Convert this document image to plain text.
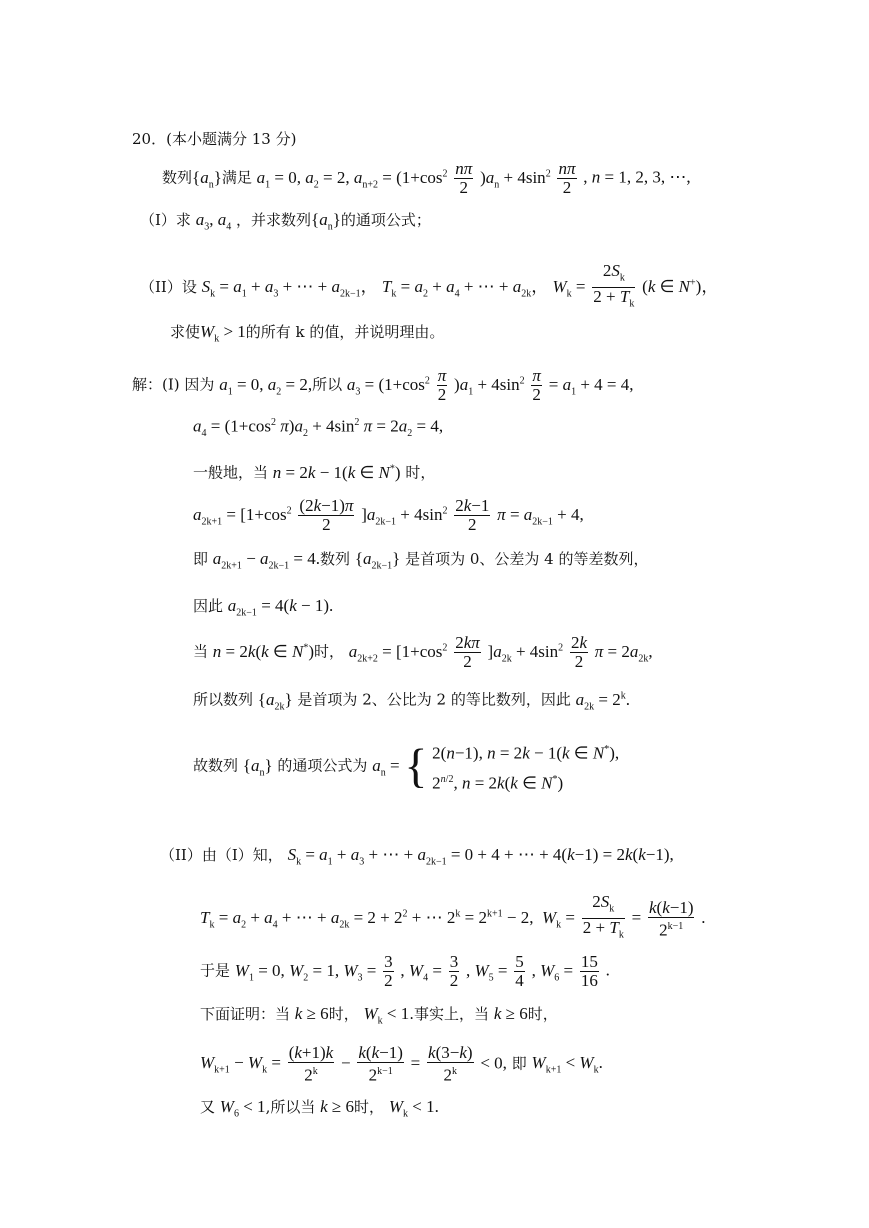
20．(本小题满分 13 分)
数列$\{a_n\}$满足 $a_1 = 0$, $a_2 = 2$, $a_{n+2} = (1+\cos^2 \frac{n\pi}{2} )a_n + 4\sin^2 \frac{n\pi}{2}$ , n = 1, 2, 3, ⋯,
（I）求 $a_3$, $a_4$ ，并求数列$\{a_n\}$的通项公式；
（II）设 $S_k = a_1 + a_3$ + ⋯ + $a_{2k-1}$， $T_k = a_2 + a_4$ + ⋯ + $a_{2k}$， $W_k = \frac{2S_k}{2 + T_k} (k$ ∈ N+)，
求使$W_k > 1$的所有 k 的值，并说明理由。
解：(I) 因为 $a_1 = 0$, $a_2 = 2$,所以 $a_3 = (1+\cos^2 \frac{\pi}{2} )a_1 + 4\sin^2 \frac{\pi}{2} = a_1 + 4 = 4$,
$a_4 = (1+\cos^2$ $\pi)a_2 + 4\sin^2$ $\pi = 2a_2 = 4$,
一般地，当 n = 2k − 1(k ∈ N*) 时，
$a_{2k+1} = [1+\cos^2 \frac{(2k-1)\pi}{2} ]a_{2k-1} + 4\sin^2 \frac{2k-1}{2}$ $\pi = a_{2k-1} + 4$,
即 $a_{2k+1} - a_{2k-1} = 4$.数列 $\{a_{2k-1}\}$ 是首项为 0、公差为 4 的等差数列，
因此 $a_{2k-1} = 4(k - 1)$.
当 n = 2k(k ∈ N*)时， $a_{2k+2} = [1+\cos^2 \frac{2k\pi}{2} ]a_{2k} + 4\sin^2 \frac{2k}{2}$ $\pi = 2a_{2k}$,
所以数列 $\{a_{2k}\}$ 是首项为 2、公比为 2 的等比数列，因此 $a_{2k} = 2^k$.
故数列 $\{a_n\}$ 的通项公式为 $a_n$ = { 2(n−1), n = 2k − 1(k ∈ N*),
$2^{n/2}$, n = 2k(k ∈ N*)
（II）由（I）知， $S_k = a_1 + a_3$ + ⋯ + $a_{2k-1} = 0 + 4$ + ⋯ + 4(k−1) = 2k(k−1),
$T_k = a_2 + a_4$ + ⋯ + $a_{2k} = 2 + 2^2$ + ⋯ $2^k = 2^{k+1} - 2$,  $W_k = \frac{2S_k}{2 + T_k} = \frac{k(k-1)}{2^{k-1}}$ .
于是 $W_1 = 0$, $W_2 = 1$, $W_3 = \frac{3}{2}$ , $W_4 = \frac{3}{2}$ , $W_5 = \frac{5}{4}$ , $W_6 = \frac{15}{16}$ .
下面证明：当 k ≥ 6时， $W_k < 1$.事实上，当 k ≥ 6时，
$W_{k+1} - W_k = \frac{(k+1)k}{2^k} - \frac{k(k-1)}{2^{k-1}} = \frac{k(3-k)}{2^k} < 0$, 即 $W_{k+1} < W_k$.
又 $W_6 < 1$,所以当 k ≥ 6时， $W_k < 1$.
